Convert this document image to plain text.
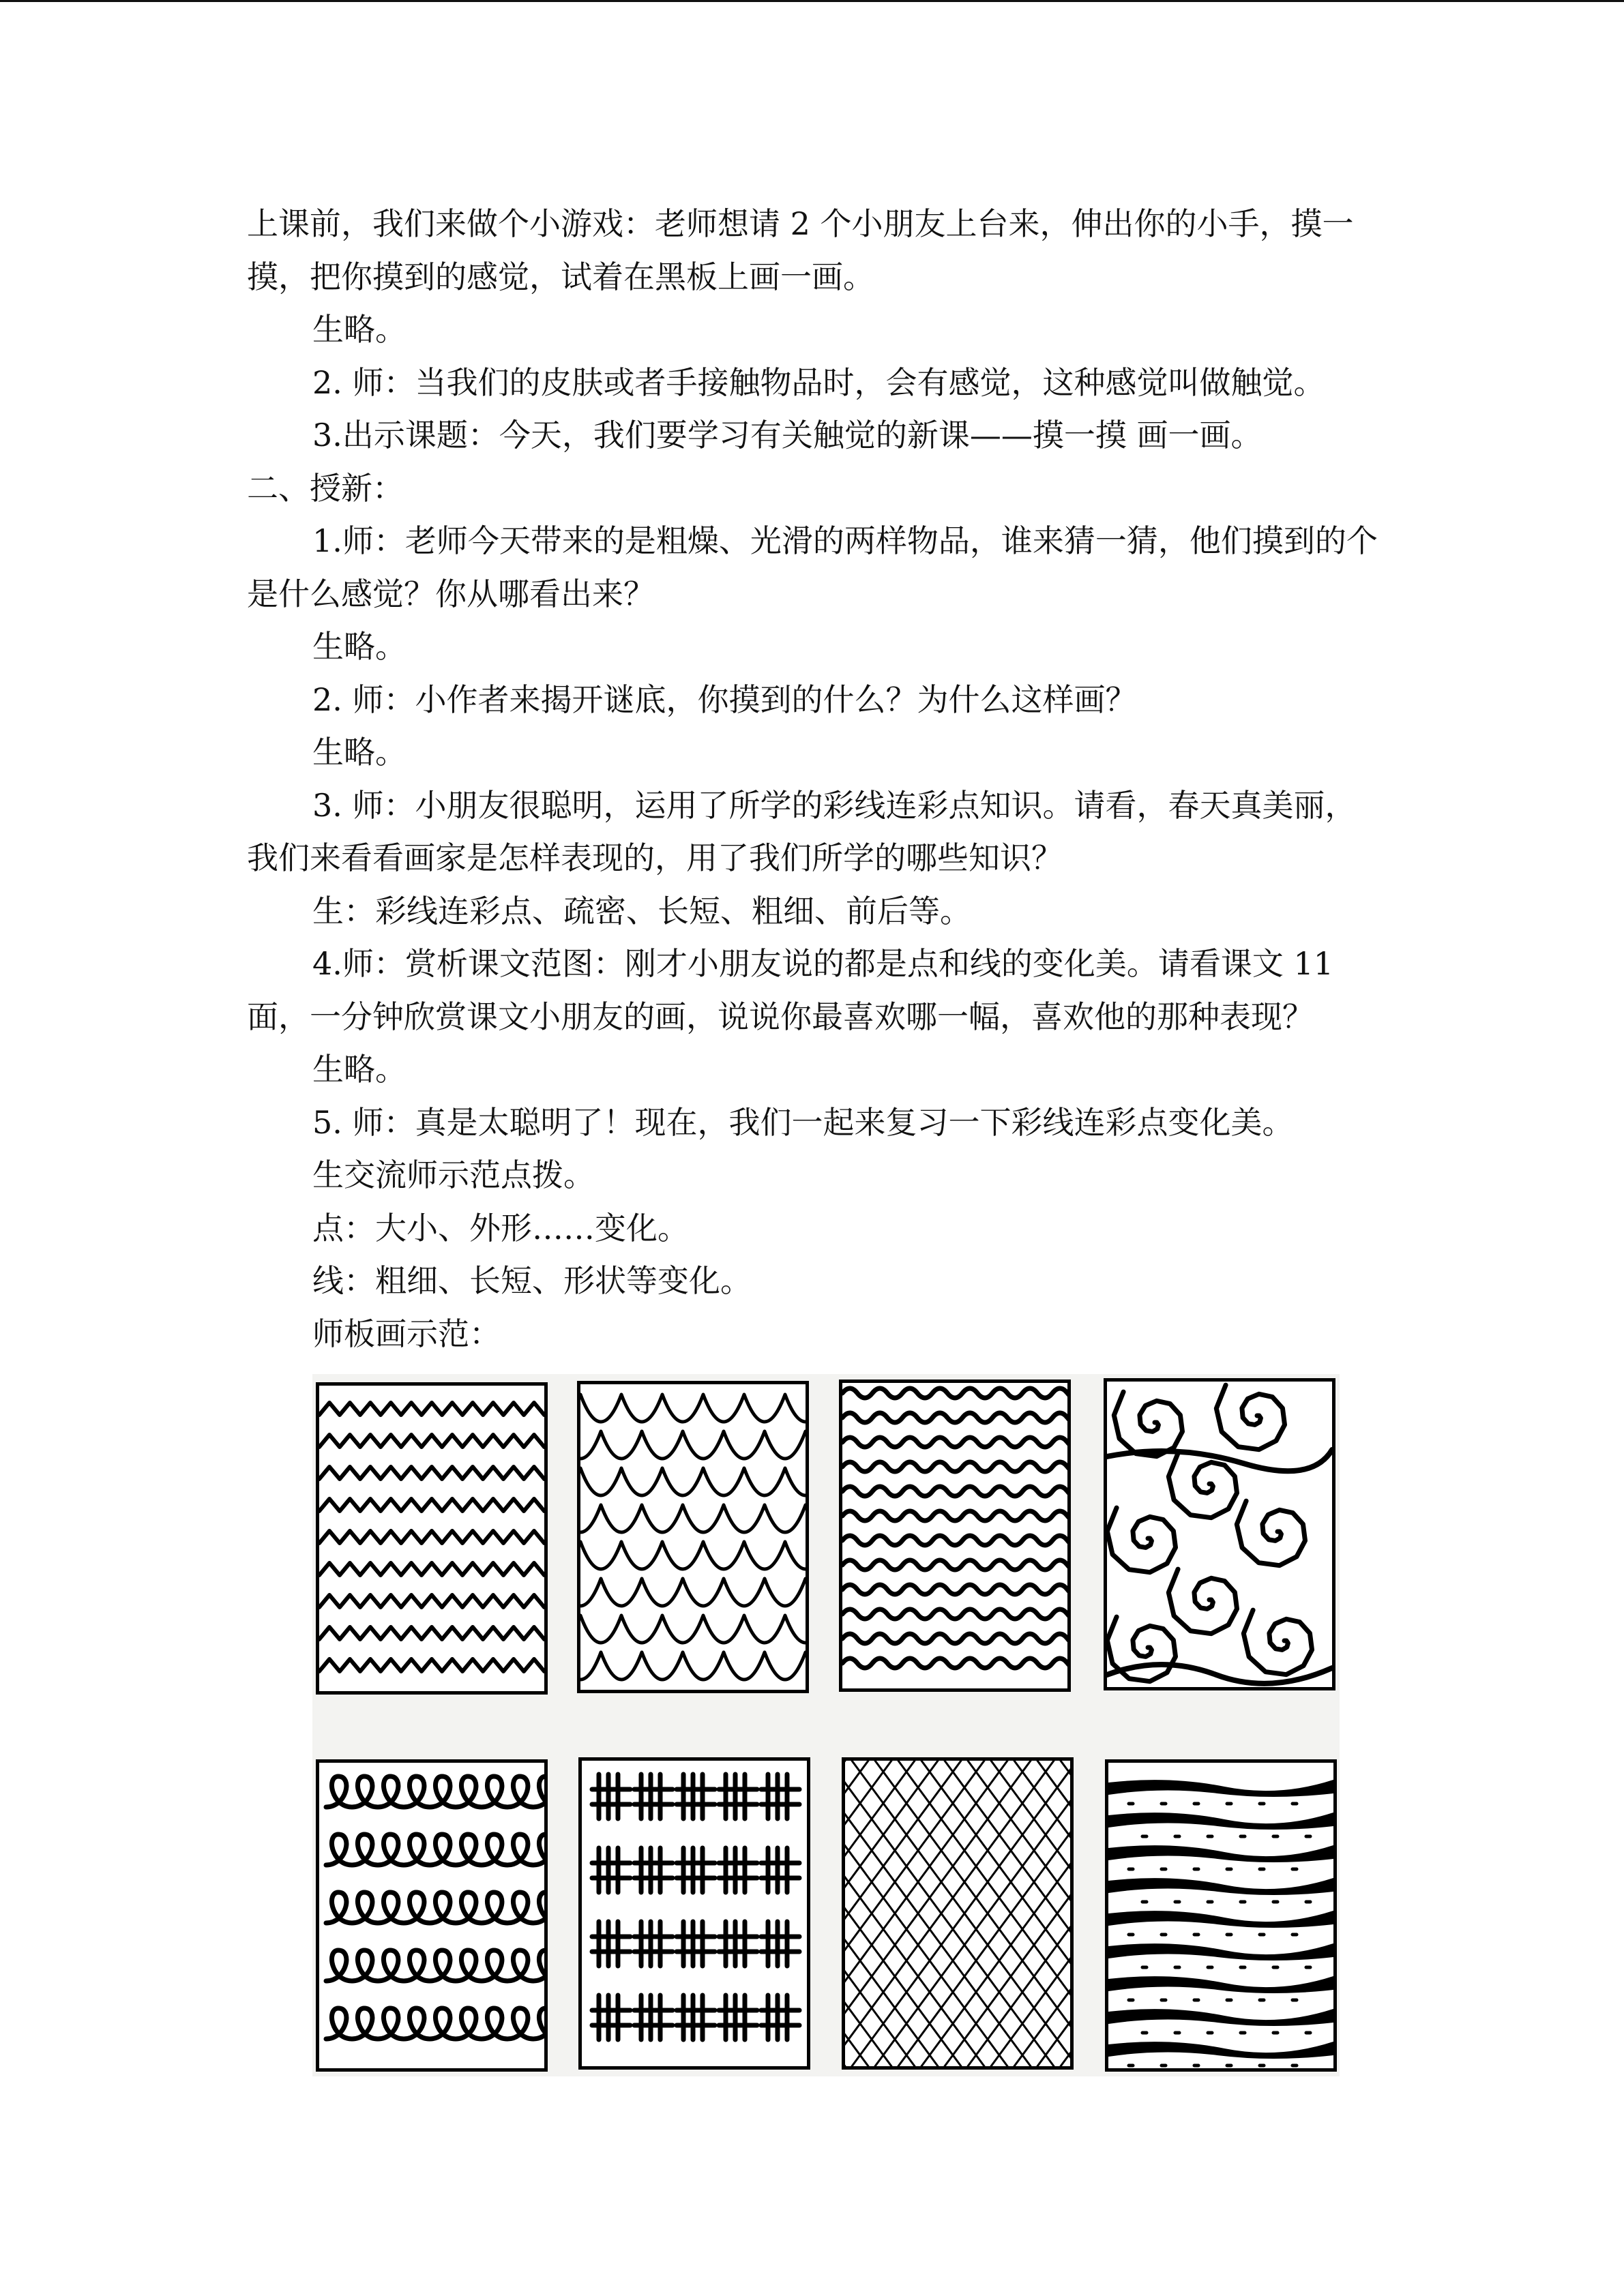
上课前，我们来做个小游戏：老师想请 2 个小朋友上台来，伸出你的小手，摸一摸，把你摸到的感觉，试着在黑板上画一画。

生略。

2. 师：当我们的皮肤或者手接触物品时，会有感觉，这种感觉叫做触觉。

3.出示课题：今天，我们要学习有关触觉的新课——摸一摸 画一画。

二、授新：

1.师：老师今天带来的是粗燥、光滑的两样物品，谁来猜一猜，他们摸到的个是什么感觉？你从哪看出来？

生略。

2. 师：小作者来揭开谜底，你摸到的什么？为什么这样画？

生略。

3. 师：小朋友很聪明，运用了所学的彩线连彩点知识。请看，春天真美丽，我们来看看画家是怎样表现的，用了我们所学的哪些知识？

生：彩线连彩点、疏密、长短、粗细、前后等。

4.师：赏析课文范图：刚才小朋友说的都是点和线的变化美。请看课文 11 面，一分钟欣赏课文小朋友的画，说说你最喜欢哪一幅，喜欢他的那种表现？

生略。

5. 师：真是太聪明了！现在，我们一起来复习一下彩线连彩点变化美。

生交流师示范点拨。

点：大小、外形……变化。

线：粗细、长短、形状等变化。

师板画示范：
